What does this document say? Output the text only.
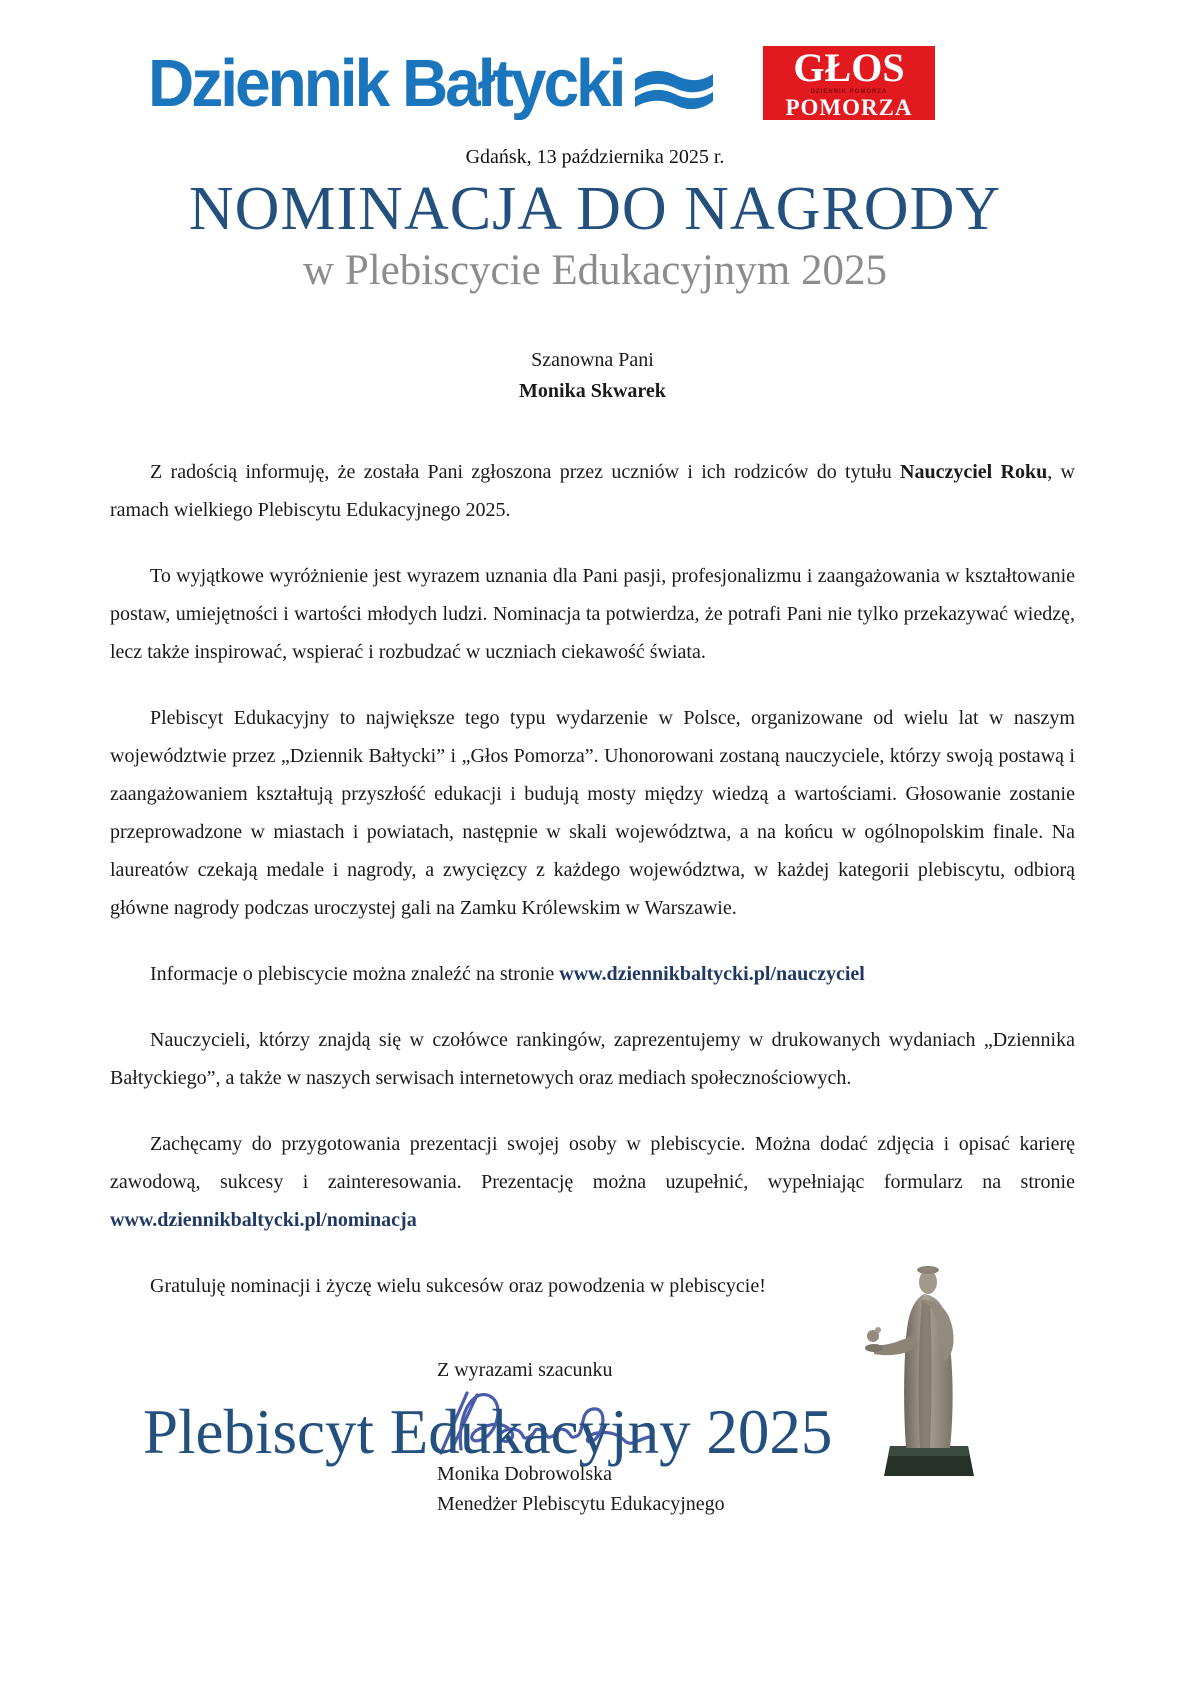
Dziennik Bałtycki	GŁOS
DZIENNIK POMORZA
POMORZA
Gdańsk, 13 października 2025 r.
NOMINACJA DO NAGRODY
w Plebiscycie Edukacyjnym 2025
Szanowna Pani
Monika Skwarek

Z radością informuję, że została Pani zgłoszona przez uczniów i ich rodziców do tytułu Nauczyciel Roku, w ramach wielkiego Plebiscytu Edukacyjnego 2025.

To wyjątkowe wyróżnienie jest wyrazem uznania dla Pani pasji, profesjonalizmu i zaangażowania w kształtowanie postaw, umiejętności i wartości młodych ludzi. Nominacja ta potwierdza, że potrafi Pani nie tylko przekazywać wiedzę, lecz także inspirować, wspierać i rozbudzać w uczniach ciekawość świata.

Plebiscyt Edukacyjny to największe tego typu wydarzenie w Polsce, organizowane od wielu lat w naszym województwie przez „Dziennik Bałtycki” i „Głos Pomorza”. Uhonorowani zostaną nauczyciele, którzy swoją postawą i zaangażowaniem kształtują przyszłość edukacji i budują mosty między wiedzą a wartościami. Głosowanie zostanie przeprowadzone w miastach i powiatach, następnie w skali województwa, a na końcu w ogólnopolskim finale. Na laureatów czekają medale i nagrody, a zwycięzcy z każdego województwa, w każdej kategorii plebiscytu, odbiorą główne nagrody podczas uroczystej gali na Zamku Królewskim w Warszawie.

Informacje o plebiscycie można znaleźć na stronie www.dziennikbaltycki.pl/nauczyciel

Nauczycieli, którzy znajdą się w czołówce rankingów, zaprezentujemy w drukowanych wydaniach „Dziennika Bałtyckiego”, a także w naszych serwisach internetowych oraz mediach społecznościowych.

Zachęcamy do przygotowania prezentacji swojej osoby w plebiscycie. Można dodać zdjęcia i opisać karierę zawodową, sukcesy i zainteresowania. Prezentację można uzupełnić, wypełniając formularz na stronie www.dziennikbaltycki.pl/nominacja

Gratuluję nominacji i życzę wielu sukcesów oraz powodzenia w plebiscycie!

Z wyrazami szacunku
Monika Dobrowolska
Menedżer Plebiscytu Edukacyjnego
Plebiscyt Edukacyjny 2025
